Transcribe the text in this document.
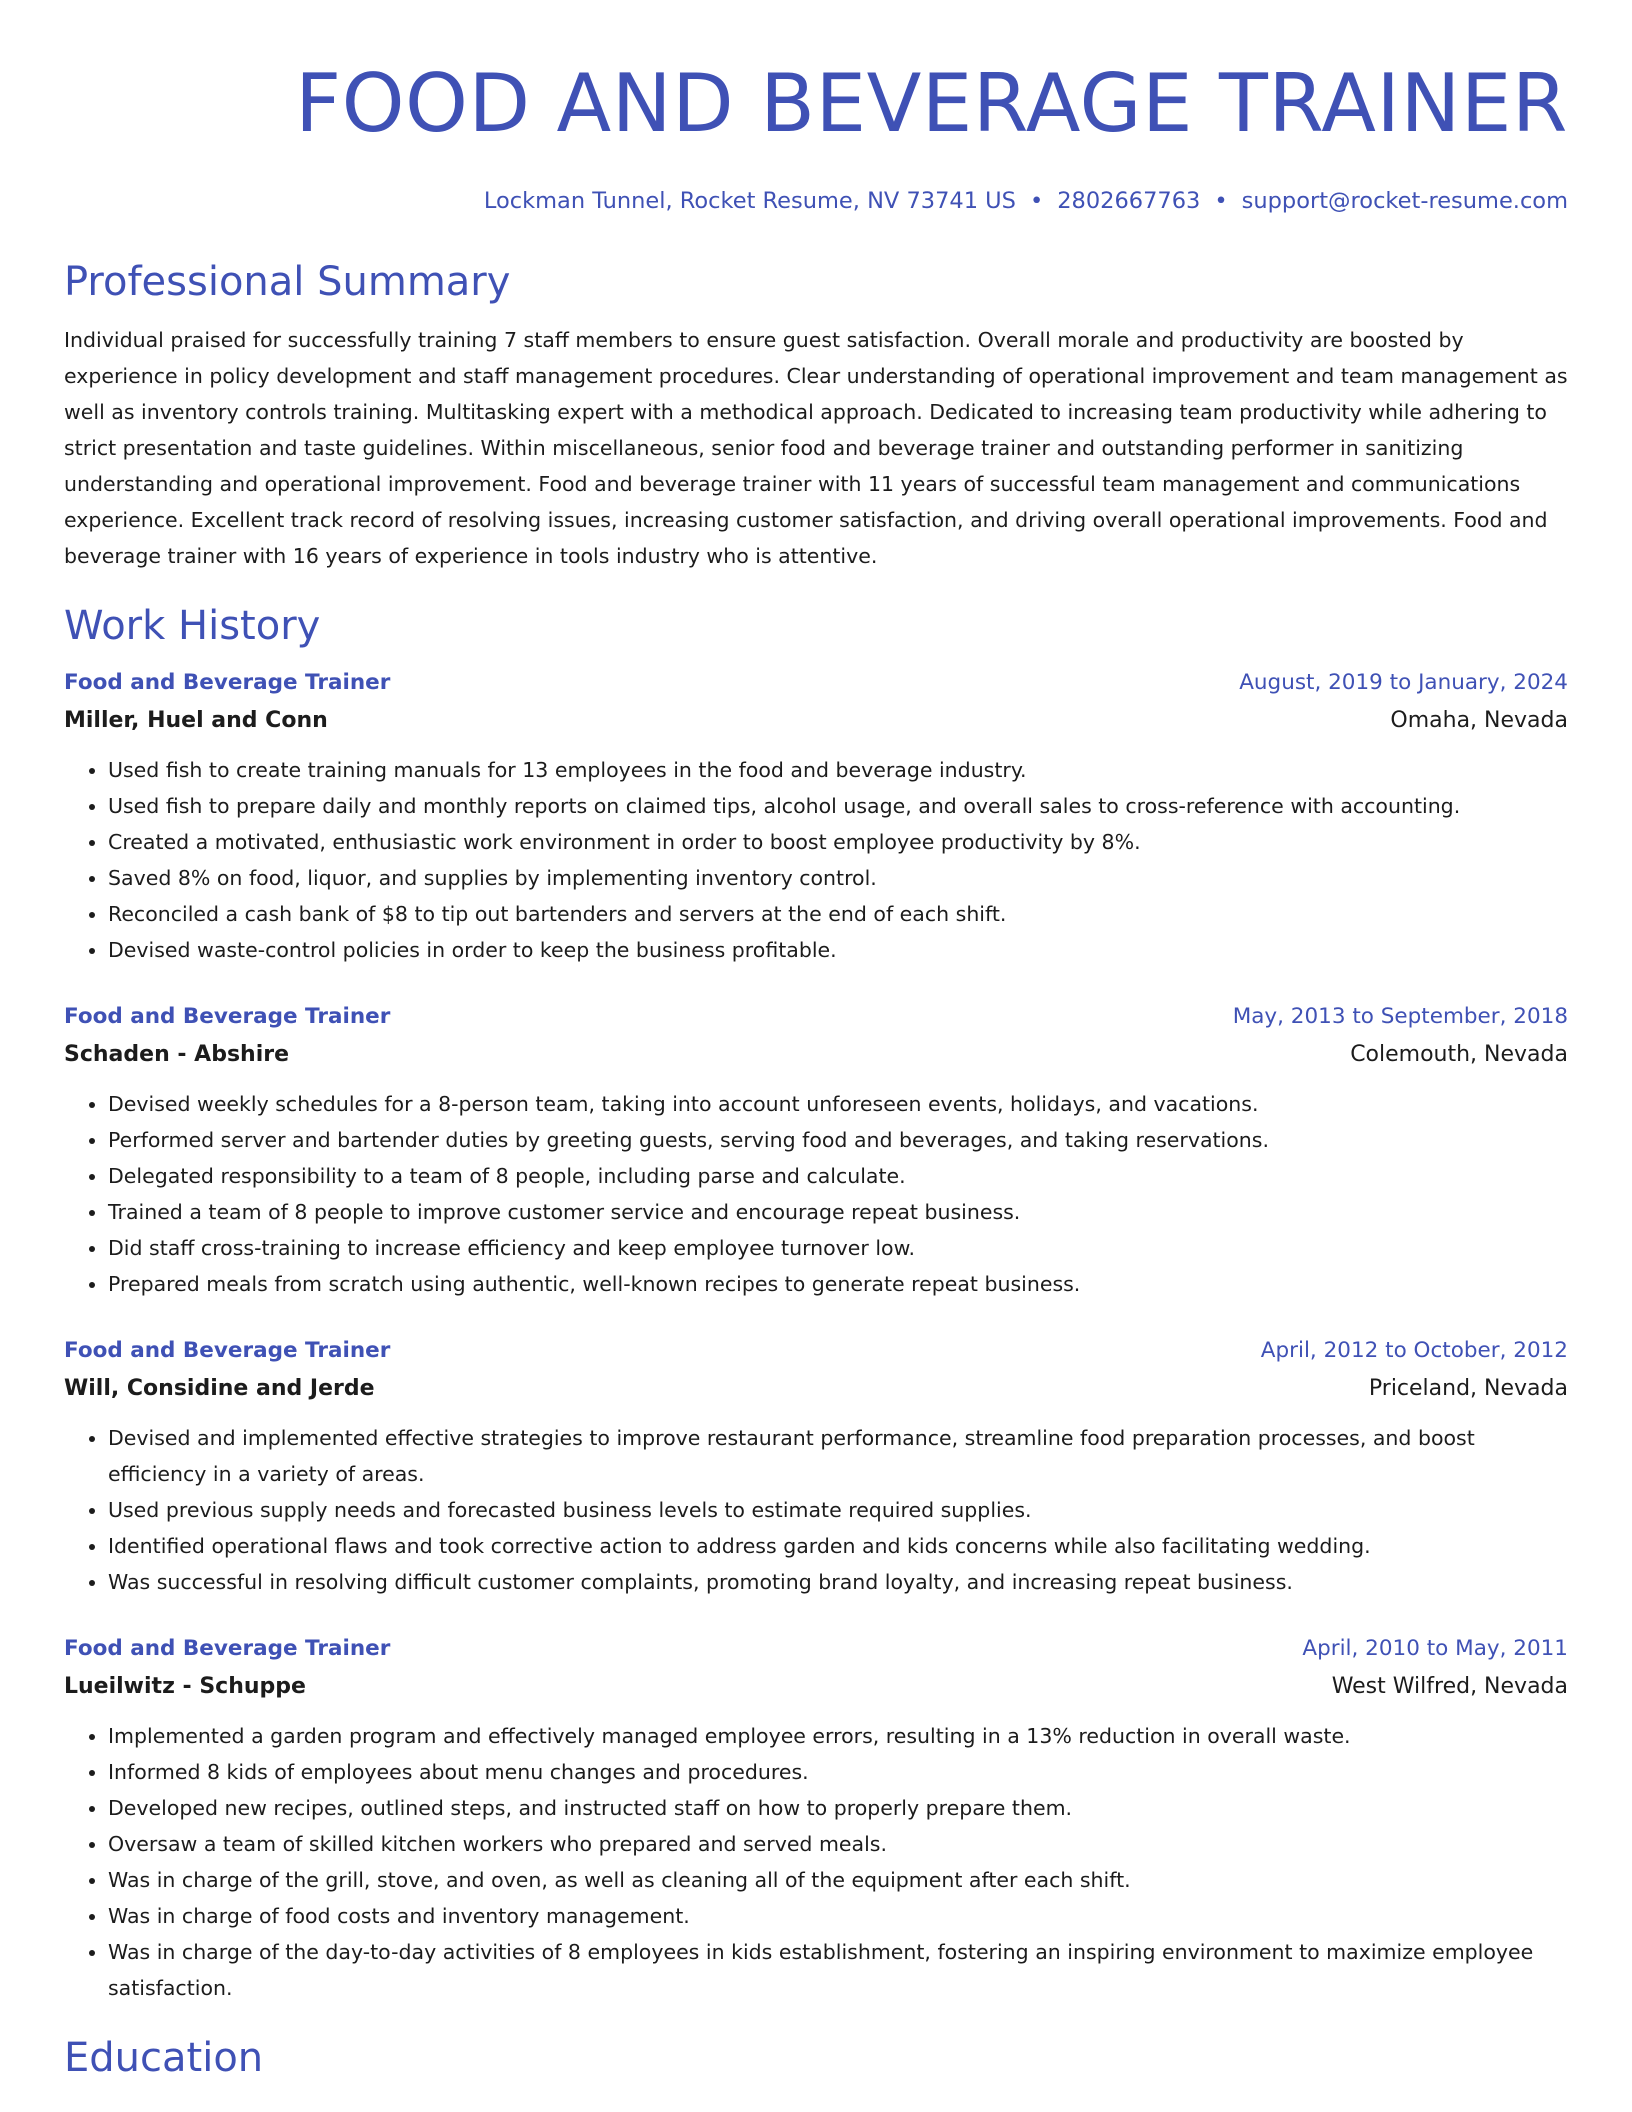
FOOD AND BEVERAGE TRAINER
Lockman Tunnel, Rocket Resume, NV 73741 US • 2802667763 • support@rocket-resume.com
Professional Summary
Individual praised for successfully training 7 staff members to ensure guest satisfaction. Overall morale and productivity are boosted by experience in policy development and staff management procedures. Clear understanding of operational improvement and team management as well as inventory controls training. Multitasking expert with a methodical approach. Dedicated to increasing team productivity while adhering to strict presentation and taste guidelines. Within miscellaneous, senior food and beverage trainer and outstanding performer in sanitizing understanding and operational improvement. Food and beverage trainer with 11 years of successful team management and communications experience. Excellent track record of resolving issues, increasing customer satisfaction, and driving overall operational improvements. Food and beverage trainer with 16 years of experience in tools industry who is attentive.
Work History
Food and Beverage Trainer	August, 2019 to January, 2024
Miller, Huel and Conn	Omaha, Nevada
• Used fish to create training manuals for 13 employees in the food and beverage industry.
• Used fish to prepare daily and monthly reports on claimed tips, alcohol usage, and overall sales to cross-reference with accounting.
• Created a motivated, enthusiastic work environment in order to boost employee productivity by 8%.
• Saved 8% on food, liquor, and supplies by implementing inventory control.
• Reconciled a cash bank of $8 to tip out bartenders and servers at the end of each shift.
• Devised waste-control policies in order to keep the business profitable.
Food and Beverage Trainer	May, 2013 to September, 2018
Schaden - Abshire	Colemouth, Nevada
• Devised weekly schedules for a 8-person team, taking into account unforeseen events, holidays, and vacations.
• Performed server and bartender duties by greeting guests, serving food and beverages, and taking reservations.
• Delegated responsibility to a team of 8 people, including parse and calculate.
• Trained a team of 8 people to improve customer service and encourage repeat business.
• Did staff cross-training to increase efficiency and keep employee turnover low.
• Prepared meals from scratch using authentic, well-known recipes to generate repeat business.
Food and Beverage Trainer	April, 2012 to October, 2012
Will, Considine and Jerde	Priceland, Nevada
• Devised and implemented effective strategies to improve restaurant performance, streamline food preparation processes, and boost efficiency in a variety of areas.
• Used previous supply needs and forecasted business levels to estimate required supplies.
• Identified operational flaws and took corrective action to address garden and kids concerns while also facilitating wedding.
• Was successful in resolving difficult customer complaints, promoting brand loyalty, and increasing repeat business.
Food and Beverage Trainer	April, 2010 to May, 2011
Lueilwitz - Schuppe	West Wilfred, Nevada
• Implemented a garden program and effectively managed employee errors, resulting in a 13% reduction in overall waste.
• Informed 8 kids of employees about menu changes and procedures.
• Developed new recipes, outlined steps, and instructed staff on how to properly prepare them.
• Oversaw a team of skilled kitchen workers who prepared and served meals.
• Was in charge of the grill, stove, and oven, as well as cleaning all of the equipment after each shift.
• Was in charge of food costs and inventory management.
• Was in charge of the day-to-day activities of 8 employees in kids establishment, fostering an inspiring environment to maximize employee satisfaction.
Education
